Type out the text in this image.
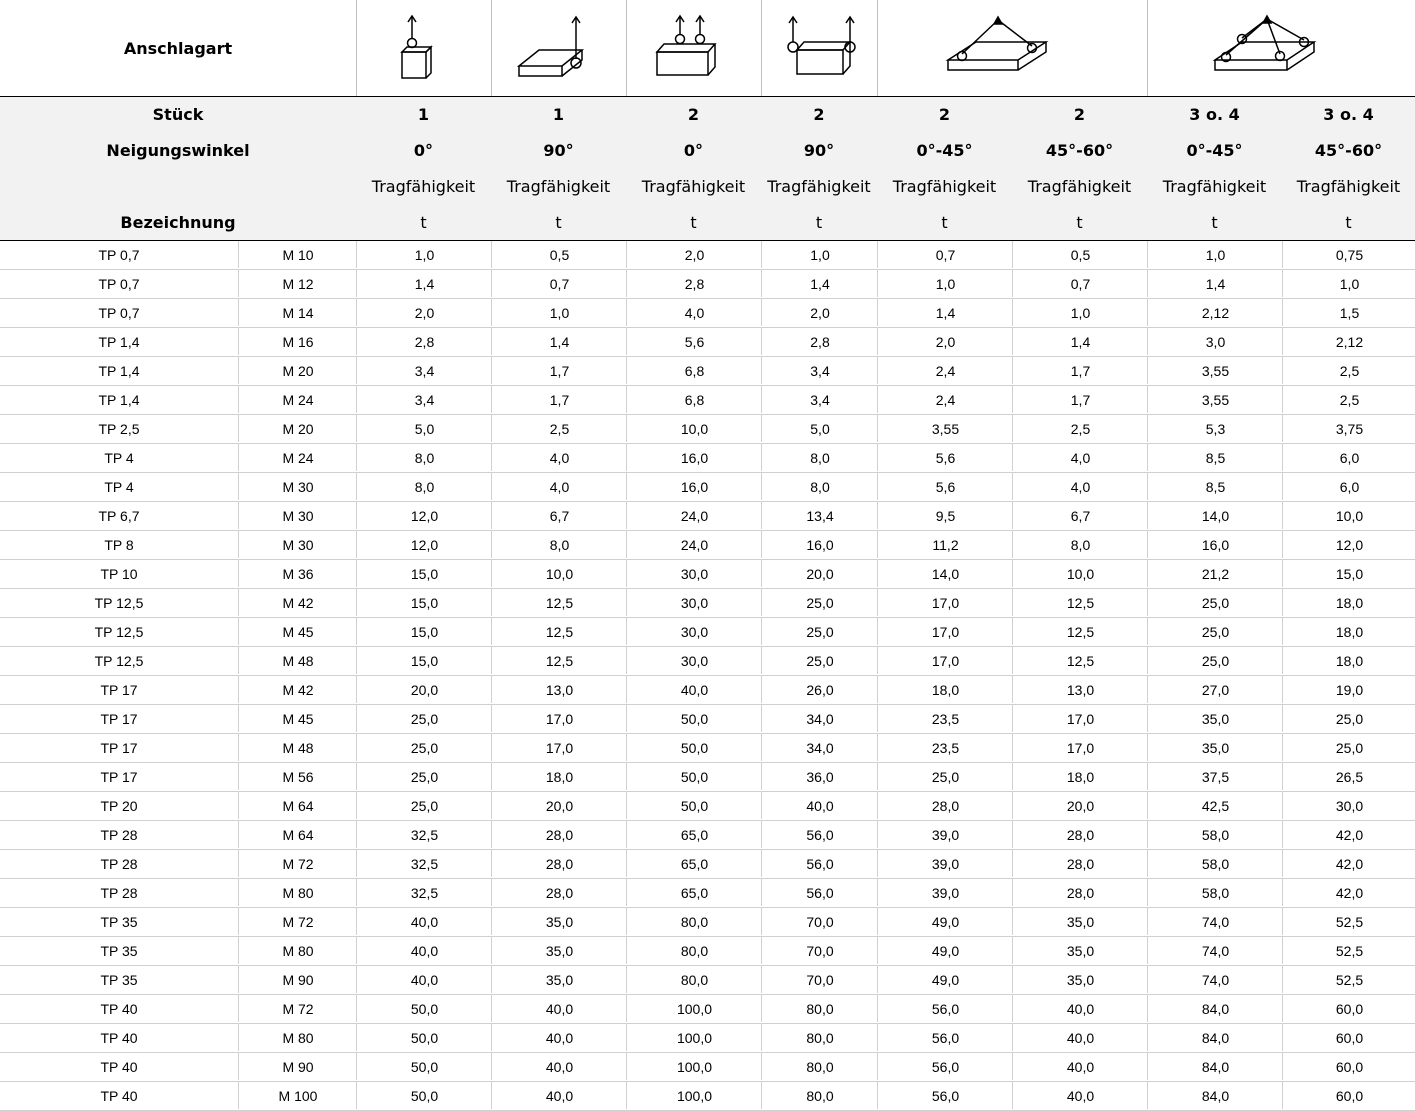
Anschlagart
Stück	1	1	2	2	2	2	3 o. 4	3 o. 4
Neigungswinkel	0°	90°	0°	90°	0°-45°	45°-60°	0°-45°	45°-60°
Tragfähigkeit	Tragfähigkeit	Tragfähigkeit	Tragfähigkeit	Tragfähigkeit	Tragfähigkeit	Tragfähigkeit	Tragfähigkeit
Bezeichnung	t	t	t	t	t	t	t	t
TP 0,7	M 10	1,0	0,5	2,0	1,0	0,7	0,5	1,0	0,75
TP 0,7	M 12	1,4	0,7	2,8	1,4	1,0	0,7	1,4	1,0
TP 0,7	M 14	2,0	1,0	4,0	2,0	1,4	1,0	2,12	1,5
TP 1,4	M 16	2,8	1,4	5,6	2,8	2,0	1,4	3,0	2,12
TP 1,4	M 20	3,4	1,7	6,8	3,4	2,4	1,7	3,55	2,5
TP 1,4	M 24	3,4	1,7	6,8	3,4	2,4	1,7	3,55	2,5
TP 2,5	M 20	5,0	2,5	10,0	5,0	3,55	2,5	5,3	3,75
TP 4	M 24	8,0	4,0	16,0	8,0	5,6	4,0	8,5	6,0
TP 4	M 30	8,0	4,0	16,0	8,0	5,6	4,0	8,5	6,0
TP 6,7	M 30	12,0	6,7	24,0	13,4	9,5	6,7	14,0	10,0
TP 8	M 30	12,0	8,0	24,0	16,0	11,2	8,0	16,0	12,0
TP 10	M 36	15,0	10,0	30,0	20,0	14,0	10,0	21,2	15,0
TP 12,5	M 42	15,0	12,5	30,0	25,0	17,0	12,5	25,0	18,0
TP 12,5	M 45	15,0	12,5	30,0	25,0	17,0	12,5	25,0	18,0
TP 12,5	M 48	15,0	12,5	30,0	25,0	17,0	12,5	25,0	18,0
TP 17	M 42	20,0	13,0	40,0	26,0	18,0	13,0	27,0	19,0
TP 17	M 45	25,0	17,0	50,0	34,0	23,5	17,0	35,0	25,0
TP 17	M 48	25,0	17,0	50,0	34,0	23,5	17,0	35,0	25,0
TP 17	M 56	25,0	18,0	50,0	36,0	25,0	18,0	37,5	26,5
TP 20	M 64	25,0	20,0	50,0	40,0	28,0	20,0	42,5	30,0
TP 28	M 64	32,5	28,0	65,0	56,0	39,0	28,0	58,0	42,0
TP 28	M 72	32,5	28,0	65,0	56,0	39,0	28,0	58,0	42,0
TP 28	M 80	32,5	28,0	65,0	56,0	39,0	28,0	58,0	42,0
TP 35	M 72	40,0	35,0	80,0	70,0	49,0	35,0	74,0	52,5
TP 35	M 80	40,0	35,0	80,0	70,0	49,0	35,0	74,0	52,5
TP 35	M 90	40,0	35,0	80,0	70,0	49,0	35,0	74,0	52,5
TP 40	M 72	50,0	40,0	100,0	80,0	56,0	40,0	84,0	60,0
TP 40	M 80	50,0	40,0	100,0	80,0	56,0	40,0	84,0	60,0
TP 40	M 90	50,0	40,0	100,0	80,0	56,0	40,0	84,0	60,0
TP 40	M 100	50,0	40,0	100,0	80,0	56,0	40,0	84,0	60,0
